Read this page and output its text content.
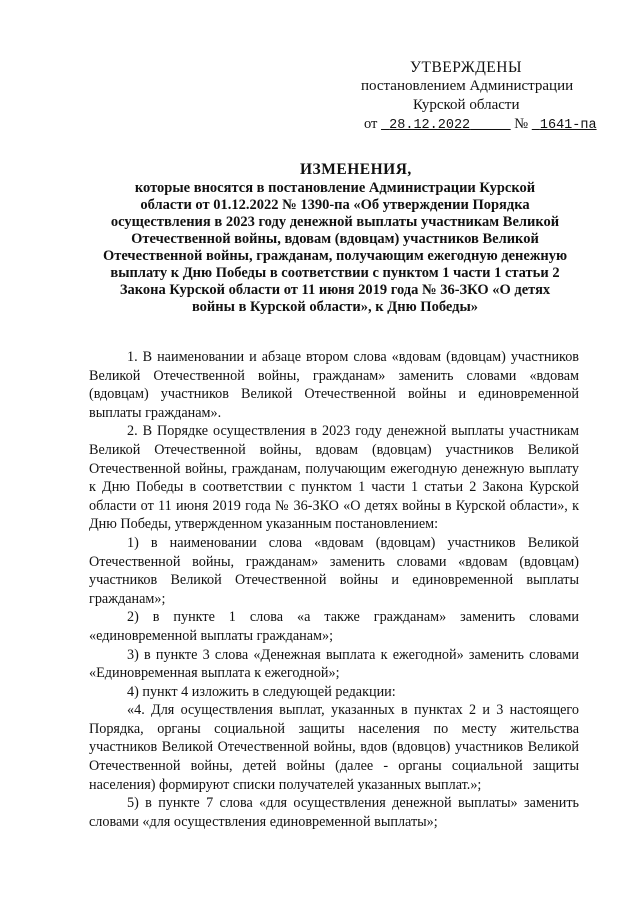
УТВЕРЖДЕНЫ
постановлением Администрации
Курской области
от 28.12.2022	№ 1641-па
ИЗМЕНЕНИЯ,
которые вносятся в постановление Администрации Курской
области от 01.12.2022 № 1390-па «Об утверждении Порядка
осуществления в 2023 году денежной выплаты участникам Великой
Отечественной войны, вдовам (вдовцам) участников Великой
Отечественной войны, гражданам, получающим ежегодную денежную
выплату к Дню Победы в соответствии с пунктом 1 части 1 статьи 2
Закона Курской области от 11 июня 2019 года № 36-ЗКО «О детях
войны в Курской области», к Дню Победы»

1. В наименовании и абзаце втором слова «вдовам (вдовцам) участников Великой Отечественной войны, гражданам» заменить словами «вдовам (вдовцам) участников Великой Отечественной войны и единовременной выплаты гражданам».

2. В Порядке осуществления в 2023 году денежной выплаты участникам Великой Отечественной войны, вдовам (вдовцам) участников Великой Отечественной войны, гражданам, получающим ежегодную денежную выплату к Дню Победы в соответствии с пунктом 1 части 1 статьи 2 Закона Курской области от 11 июня 2019 года № 36-ЗКО «О детях войны в Курской области», к Дню Победы, утвержденном указанным постановлением:

1) в наименовании слова «вдовам (вдовцам) участников Великой Отечественной войны, гражданам» заменить словами «вдовам (вдовцам) участников Великой Отечественной войны и единовременной выплаты гражданам»;

2) в пункте 1 слова «а также гражданам» заменить словами «единовременной выплаты гражданам»;

3) в пункте 3 слова «Денежная выплата к ежегодной» заменить словами «Единовременная выплата к ежегодной»;

4) пункт 4 изложить в следующей редакции:

«4. Для осуществления выплат, указанных в пунктах 2 и 3 настоящего Порядка, органы социальной защиты населения по месту жительства участников Великой Отечественной войны, вдов (вдовцов) участников Великой Отечественной войны, детей войны (далее - органы социальной защиты населения) формируют списки получателей указанных выплат.»;

5) в пункте 7 слова «для осуществления денежной выплаты» заменить словами «для осуществления единовременной выплаты»;
